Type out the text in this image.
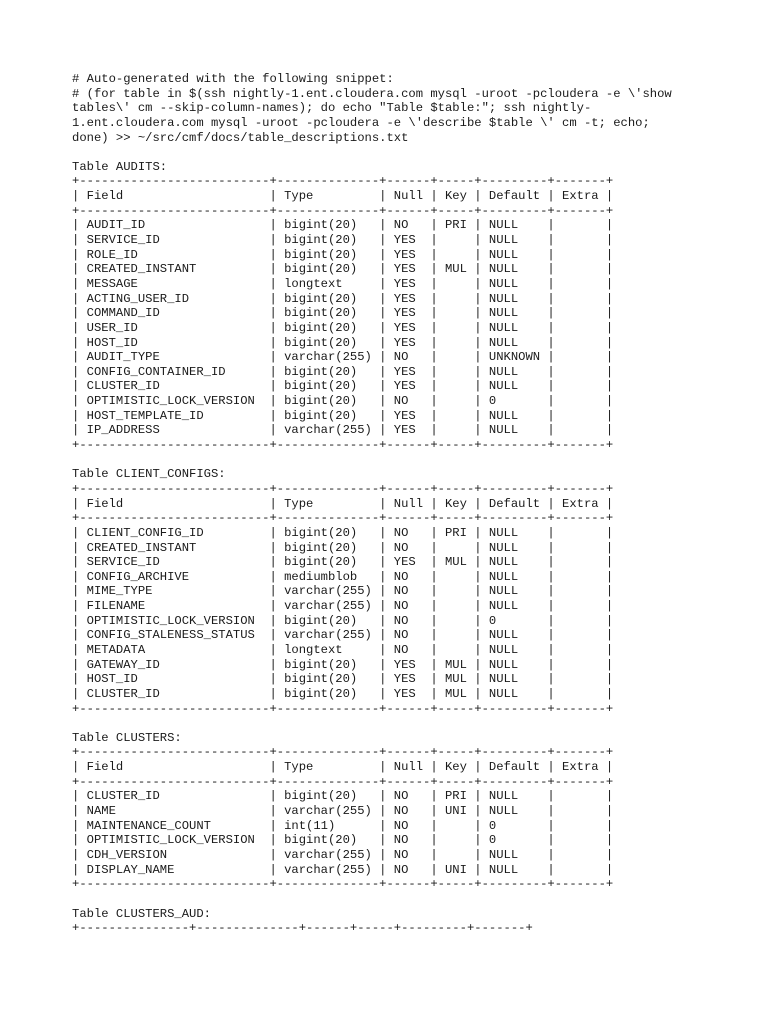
# Auto-generated with the following snippet:
# (for table in $(ssh nightly-1.ent.cloudera.com mysql -uroot -pcloudera -e \'show
tables\' cm --skip-column-names); do echo "Table $table:"; ssh nightly-
1.ent.cloudera.com mysql -uroot -pcloudera -e \'describe $table \' cm -t; echo;
done) >> ~/src/cmf/docs/table_descriptions.txt
Table AUDITS:
+--------------------------+--------------+------+-----+---------+-------+
| Field                    | Type         | Null | Key | Default | Extra |
+--------------------------+--------------+------+-----+---------+-------+
| AUDIT_ID                 | bigint(20)   | NO   | PRI | NULL    |       |
| SERVICE_ID               | bigint(20)   | YES  |     | NULL    |       |
| ROLE_ID                  | bigint(20)   | YES  |     | NULL    |       |
| CREATED_INSTANT          | bigint(20)   | YES  | MUL | NULL    |       |
| MESSAGE                  | longtext     | YES  |     | NULL    |       |
| ACTING_USER_ID           | bigint(20)   | YES  |     | NULL    |       |
| COMMAND_ID               | bigint(20)   | YES  |     | NULL    |       |
| USER_ID                  | bigint(20)   | YES  |     | NULL    |       |
| HOST_ID                  | bigint(20)   | YES  |     | NULL    |       |
| AUDIT_TYPE               | varchar(255) | NO   |     | UNKNOWN |       |
| CONFIG_CONTAINER_ID      | bigint(20)   | YES  |     | NULL    |       |
| CLUSTER_ID               | bigint(20)   | YES  |     | NULL    |       |
| OPTIMISTIC_LOCK_VERSION  | bigint(20)   | NO   |     | 0       |       |
| HOST_TEMPLATE_ID         | bigint(20)   | YES  |     | NULL    |       |
| IP_ADDRESS               | varchar(255) | YES  |     | NULL    |       |
+--------------------------+--------------+------+-----+---------+-------+
Table CLIENT_CONFIGS:
+--------------------------+--------------+------+-----+---------+-------+
| Field                    | Type         | Null | Key | Default | Extra |
+--------------------------+--------------+------+-----+---------+-------+
| CLIENT_CONFIG_ID         | bigint(20)   | NO   | PRI | NULL    |       |
| CREATED_INSTANT          | bigint(20)   | NO   |     | NULL    |       |
| SERVICE_ID               | bigint(20)   | YES  | MUL | NULL    |       |
| CONFIG_ARCHIVE           | mediumblob   | NO   |     | NULL    |       |
| MIME_TYPE                | varchar(255) | NO   |     | NULL    |       |
| FILENAME                 | varchar(255) | NO   |     | NULL    |       |
| OPTIMISTIC_LOCK_VERSION  | bigint(20)   | NO   |     | 0       |       |
| CONFIG_STALENESS_STATUS  | varchar(255) | NO   |     | NULL    |       |
| METADATA                 | longtext     | NO   |     | NULL    |       |
| GATEWAY_ID               | bigint(20)   | YES  | MUL | NULL    |       |
| HOST_ID                  | bigint(20)   | YES  | MUL | NULL    |       |
| CLUSTER_ID               | bigint(20)   | YES  | MUL | NULL    |       |
+--------------------------+--------------+------+-----+---------+-------+
Table CLUSTERS:
+--------------------------+--------------+------+-----+---------+-------+
| Field                    | Type         | Null | Key | Default | Extra |
+--------------------------+--------------+------+-----+---------+-------+
| CLUSTER_ID               | bigint(20)   | NO   | PRI | NULL    |       |
| NAME                     | varchar(255) | NO   | UNI | NULL    |       |
| MAINTENANCE_COUNT        | int(11)      | NO   |     | 0       |       |
| OPTIMISTIC_LOCK_VERSION  | bigint(20)   | NO   |     | 0       |       |
| CDH_VERSION              | varchar(255) | NO   |     | NULL    |       |
| DISPLAY_NAME             | varchar(255) | NO   | UNI | NULL    |       |
+--------------------------+--------------+------+-----+---------+-------+
Table CLUSTERS_AUD:
+---------------+--------------+------+-----+---------+-------+
